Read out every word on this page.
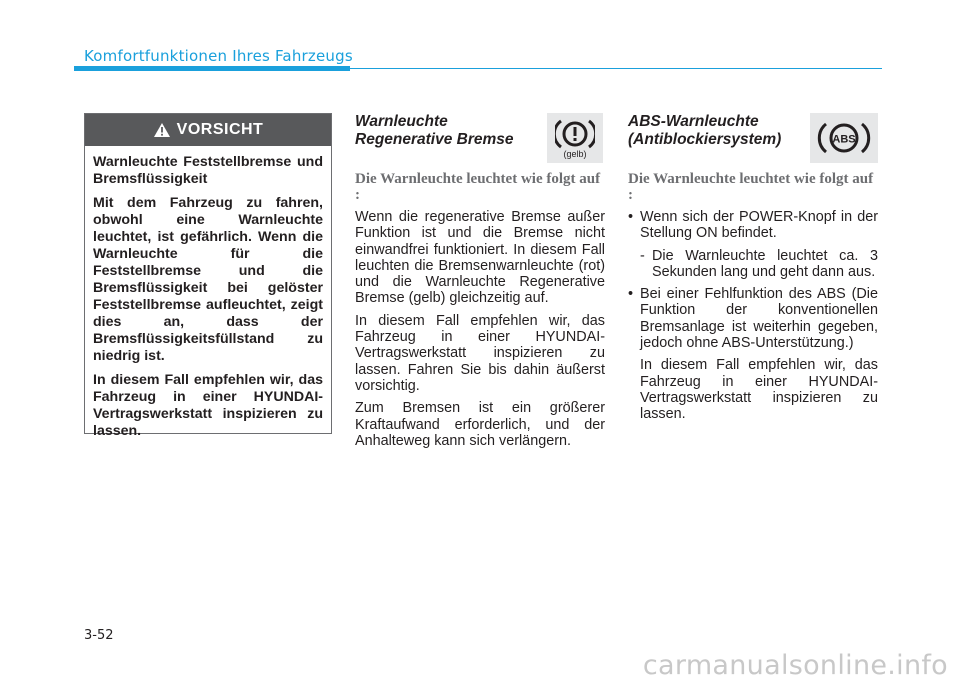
Komfortfunktionen Ihres Fahrzeugs
VORSICHT

Warnleuchte Feststellbremse und Bremsflüssigkeit

Mit dem Fahrzeug zu fahren, obwohl eine Warnleuchte leuchtet, ist gefährlich. Wenn die Warnleuchte für die Feststellbremse und die Bremsflüssigkeit bei gelöster Feststellbremse aufleuchtet, zeigt dies an, dass der Bremsflüssigkeitsfüllstand zu niedrig ist.

In diesem Fall empfehlen wir, das Fahrzeug in einer HYUNDAI-Vertragswerkstatt inspizieren zu lassen.

Warnleuchte

Regenerative Bremse

(gelb)

Die Warnleuchte leuchtet wie folgt auf :

Wenn die regenerative Bremse außer Funktion ist und die Bremse nicht einwandfrei funktioniert. In diesem Fall leuchten die Bremsenwarnleuchte (rot) und die Warnleuchte Regenerative Bremse (gelb) gleichzeitig auf.

In diesem Fall empfehlen wir, das Fahrzeug in einer HYUNDAI-Vertragswerkstatt inspizieren zu lassen. Fahren Sie bis dahin äußerst vorsichtig.

Zum Bremsen ist ein größerer Kraftaufwand erforderlich, und der Anhalteweg kann sich verlängern.

ABS-Warnleuchte

(Antiblockiersystem)	ABS

Die Warnleuchte leuchtet wie folgt auf :

• Wenn sich der POWER-Knopf in der Stellung ON befindet.
- Die Warnleuchte leuchtet ca. 3 Sekunden lang und geht dann aus.
• Bei einer Fehlfunktion des ABS (Die Funktion der konventionellen Bremsanlage ist weiterhin gegeben, jedoch ohne ABS-Unterstützung.)

In diesem Fall empfehlen wir, das Fahrzeug in einer HYUNDAI-Vertragswerkstatt inspizieren zu lassen.

3-52
carmanualsonline.info
